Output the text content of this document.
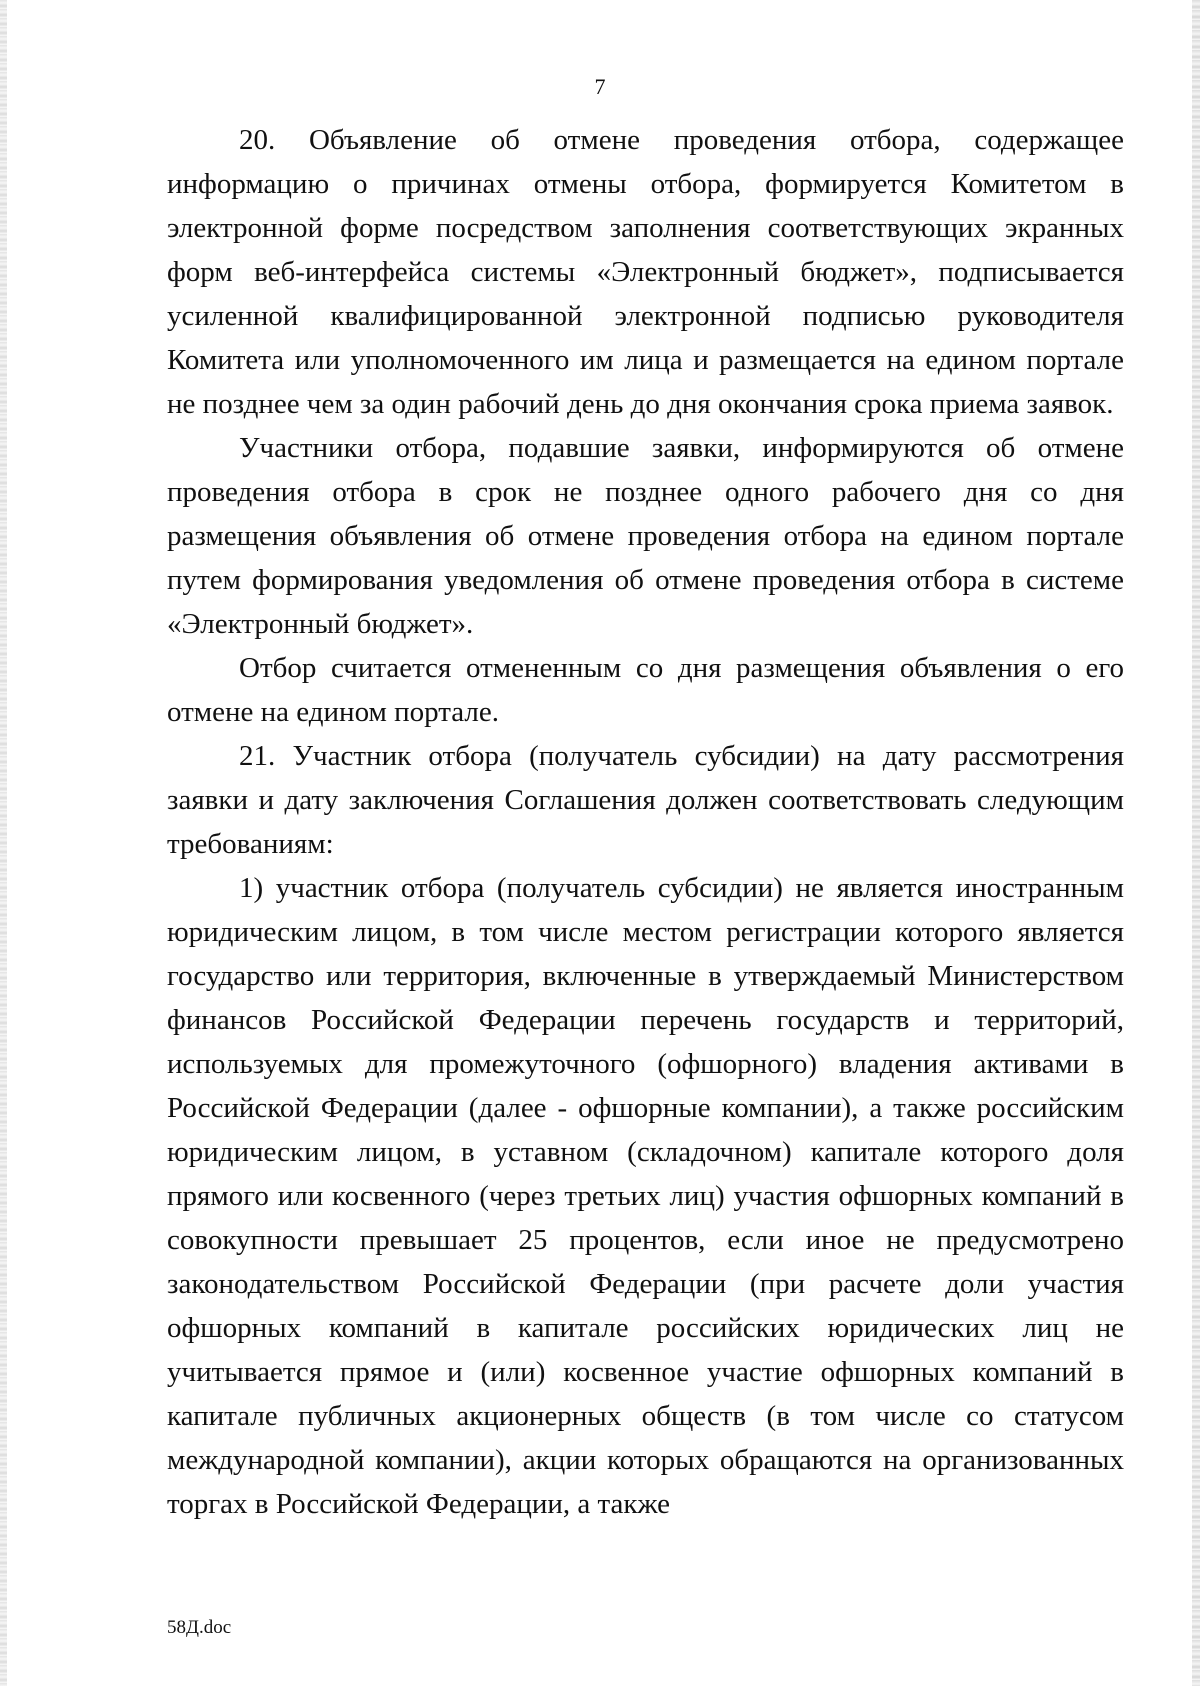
7

20. Объявление об отмене проведения отбора, содержащее информацию о причинах отмены отбора, формируется Комитетом в электронной форме посредством заполнения соответствующих экранных форм веб-интерфейса системы «Электронный бюджет», подписывается усиленной квалифицированной электронной подписью руководителя Комитета или уполномоченного им лица и размещается на едином портале не позднее чем за один рабочий день до дня окончания срока приема заявок.

Участники отбора, подавшие заявки, информируются об отмене проведения отбора в срок не позднее одного рабочего дня со дня размещения объявления об отмене проведения отбора на едином портале путем формирования уведомления об отмене проведения отбора в системе «Электронный бюджет».

Отбор считается отмененным со дня размещения объявления о его отмене на едином портале.

21. Участник отбора (получатель субсидии) на дату рассмотрения заявки и дату заключения Соглашения должен соответствовать следующим требованиям:

1) участник отбора (получатель субсидии) не является иностранным юридическим лицом, в том числе местом регистрации которого является государство или территория, включенные в утверждаемый Министерством финансов Российской Федерации перечень государств и территорий, используемых для промежуточного (офшорного) владения активами в Российской Федерации (далее - офшорные компании), а также российским юридическим лицом, в уставном (складочном) капитале которого доля прямого или косвенного (через третьих лиц) участия офшорных компаний в совокупности превышает 25 процентов, если иное не предусмотрено законодательством Российской Федерации (при расчете доли участия офшорных компаний в капитале российских юридических лиц не учитывается прямое и (или) косвенное участие офшорных компаний в капитале публичных акционерных обществ (в том числе со статусом международной компании), акции которых обращаются на организованных торгах в Российской Федерации, а также

58Д.doc
